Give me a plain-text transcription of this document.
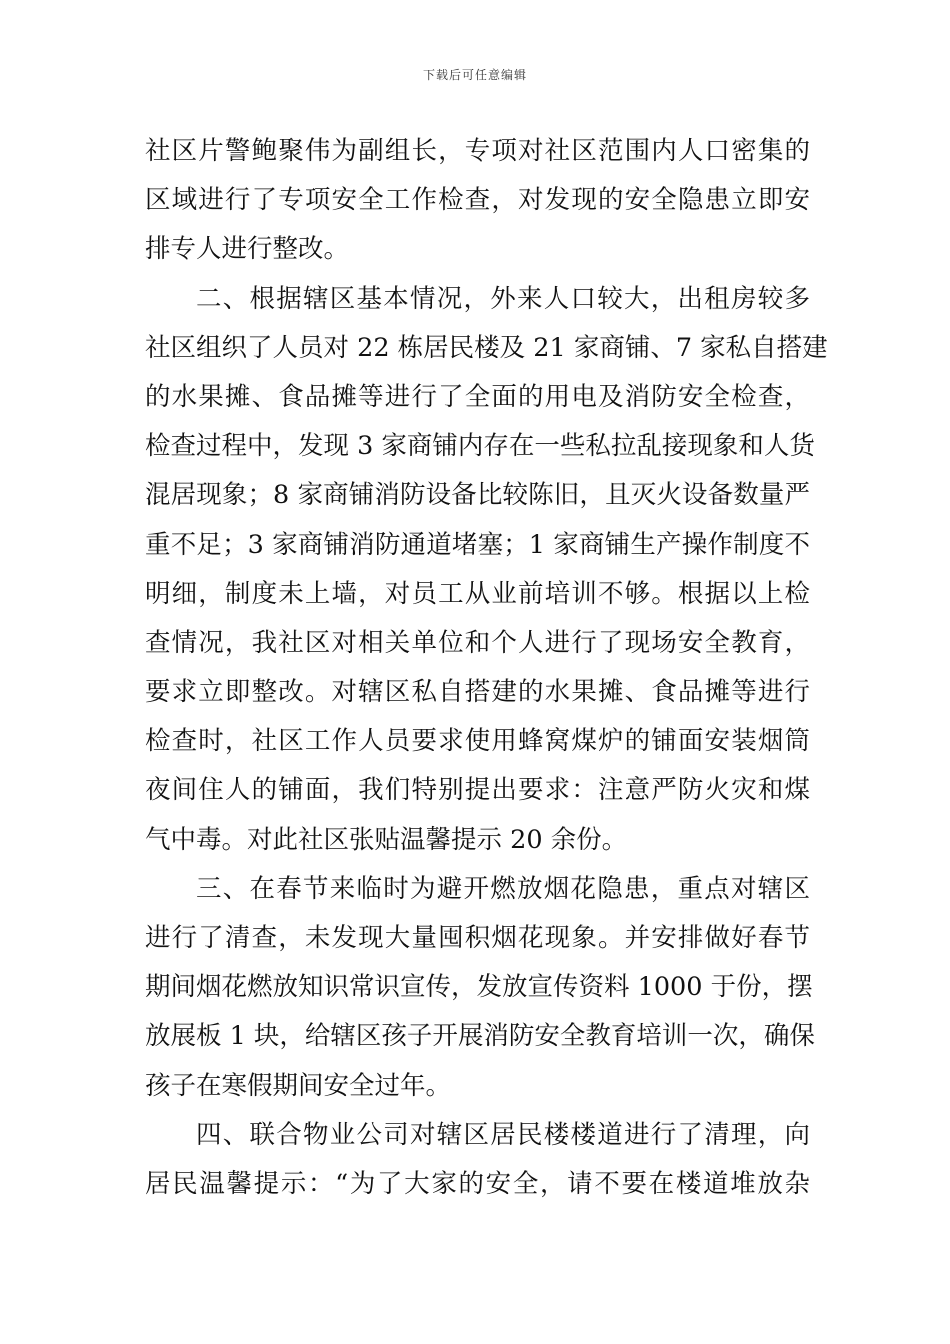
下载后可任意编辑
社区片警鲍聚伟为副组长，专项对社区范围内人口密集的
区域进行了专项安全工作检查，对发现的安全隐患立即安
排专人进行整改。
二、根据辖区基本情况，外来人口较大，出租房较多
社区组织了人员对 22 栋居民楼及 21 家商铺、7 家私自搭建
的水果摊、食品摊等进行了全面的用电及消防安全检查，
检查过程中，发现 3 家商铺内存在一些私拉乱接现象和人货
混居现象；8 家商铺消防设备比较陈旧，且灭火设备数量严
重不足；3 家商铺消防通道堵塞；1 家商铺生产操作制度不
明细，制度未上墙，对员工从业前培训不够。根据以上检
查情况，我社区对相关单位和个人进行了现场安全教育，
要求立即整改。对辖区私自搭建的水果摊、食品摊等进行
检查时，社区工作人员要求使用蜂窝煤炉的铺面安装烟筒
夜间住人的铺面，我们特别提出要求：注意严防火灾和煤
气中毒。对此社区张贴温馨提示 20 余份。
三、在春节来临时为避开燃放烟花隐患，重点对辖区
进行了清查，未发现大量囤积烟花现象。并安排做好春节
期间烟花燃放知识常识宣传，发放宣传资料 1000 于份，摆
放展板 1 块，给辖区孩子开展消防安全教育培训一次，确保
孩子在寒假期间安全过年。
四、联合物业公司对辖区居民楼楼道进行了清理，向
居民温馨提示：“为了大家的安全，请不要在楼道堆放杂
